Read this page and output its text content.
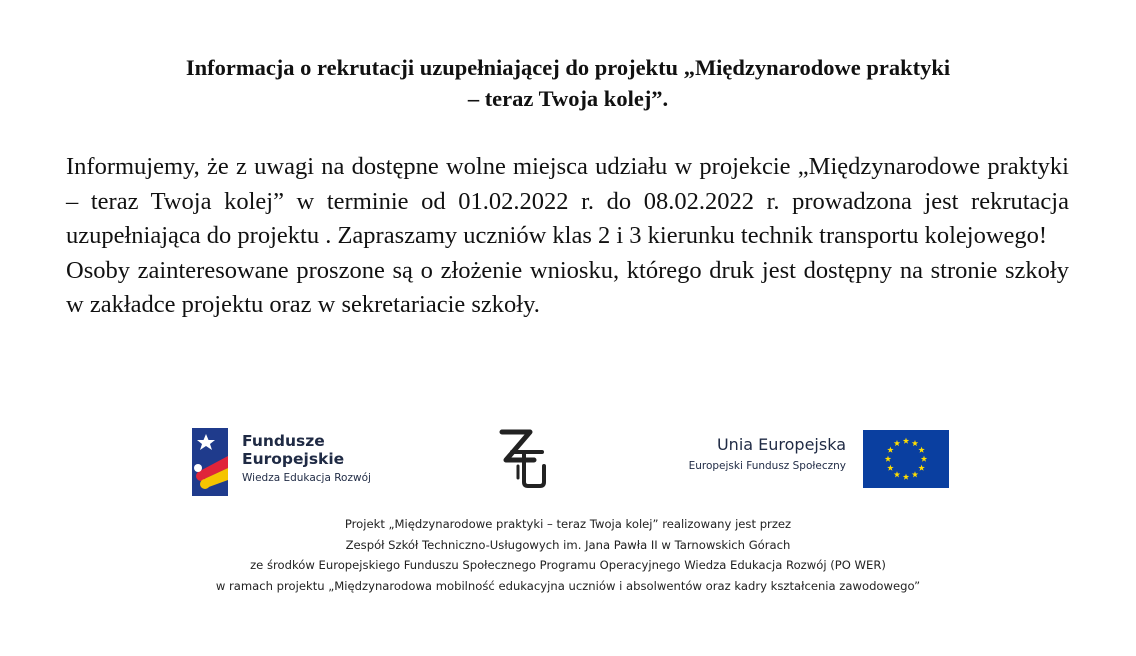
Informacja o rekrutacji uzupełniającej do projektu „Międzynarodowe praktyki
– teraz Twoja kolej”.

Informujemy, że z uwagi na dostępne wolne miejsca udziału w projekcie „Międzynarodowe praktyki – teraz Twoja kolej” w terminie od 01.02.2022 r. do 08.02.2022 r. prowadzona jest rekrutacja uzupełniająca do projektu . Zapraszamy uczniów klas 2 i 3 kierunku technik transportu kolejowego!

Osoby zainteresowane proszone są o złożenie wniosku, którego druk jest dostępny na stronie szkoły w zakładce projektu oraz w sekretariacie szkoły.

Fundusze
Europejskie
Wiedza Edukacja Rozwój
Unia Europejska
Europejski Fundusz Społeczny

Projekt „Międzynarodowe praktyki – teraz Twoja kolej” realizowany jest przez
Zespół Szkół Techniczno-Usługowych im. Jana Pawła II w Tarnowskich Górach
ze środków Europejskiego Funduszu Społecznego Programu Operacyjnego Wiedza Edukacja Rozwój (PO WER)
w ramach projektu „Międzynarodowa mobilność edukacyjna uczniów i absolwentów oraz kadry kształcenia zawodowego”
